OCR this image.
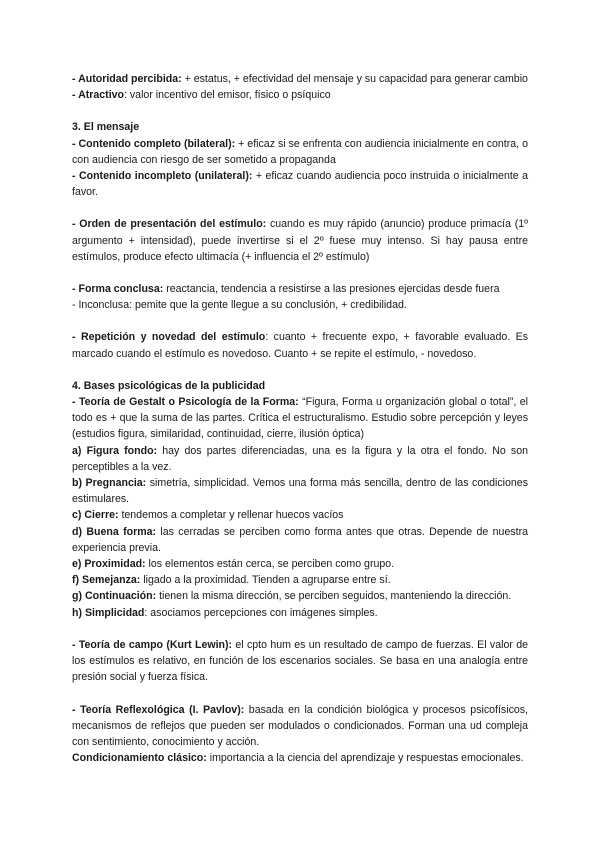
- Autoridad percibida: + estatus, + efectividad del mensaje y su capacidad para generar cambio

- Atractivo: valor incentivo del emisor, físico o psíquico

3. El mensaje

- Contenido completo (bilateral): + eficaz si se enfrenta con audiencia inicialmente en contra, o con audiencia con riesgo de ser sometido a propaganda

- Contenido incompleto (unilateral): + eficaz cuando audiencia poco instruida o inicialmente a favor.

- Orden de presentación del estímulo: cuando es muy rápido (anuncio) produce primacía (1º argumento + intensidad), puede invertirse si el 2º fuese muy intenso. Si hay pausa entre estímulos, produce efecto ultimacía (+ influencia el 2º estímulo)

- Forma conclusa: reactancia, tendencia a resistirse a las presiones ejercidas desde fuera

- Inconclusa: pemite que la gente llegue a su conclusión, + credibilidad.

- Repetición y novedad del estímulo: cuanto + frecuente expo, + favorable evaluado. Es marcado cuando el estímulo es novedoso. Cuanto + se repite el estímulo, - novedoso.

4. Bases psicológicas de la publicidad

- Teoría de Gestalt o Psicología de la Forma: “Figura, Forma u organización global o total”, el todo es + que la suma de las partes. Crítica el estructuralismo. Estudio sobre percepción y leyes (estudios figura, similaridad, continuidad, cierre, ilusión óptica)

a) Figura fondo: hay dos partes diferenciadas, una es la figura y la otra el fondo. No son perceptibles a la vez.

b) Pregnancia: simetría, simplicidad. Vemos una forma más sencilla, dentro de las condiciones estimulares.

c) Cierre: tendemos a completar y rellenar huecos vacíos

d) Buena forma: las cerradas se perciben como forma antes que otras. Depende de nuestra experiencia previa.

e) Proximidad: los elementos están cerca, se perciben como grupo.

f) Semejanza: ligado a la proximidad. Tienden a agruparse entre sí.

g) Continuación: tienen la misma dirección, se perciben seguidos, manteniendo la dirección.

h) Simplicidad: asociamos percepciones con imágenes simples.

- Teoría de campo (Kurt Lewin): el cpto hum es un resultado de campo de fuerzas. El valor de los estímulos es relativo, en función de los escenarios sociales. Se basa en una analogía entre presión social y fuerza física.

- Teoría Reflexológica (I. Pavlov): basada en la condición biológica y procesos psicofísicos, mecanismos de reflejos que pueden ser modulados o condicionados. Forman una ud compleja con sentimiento, conocimiento y acción.

Condicionamiento clásico: importancia a la ciencia del aprendizaje y respuestas emocionales.
